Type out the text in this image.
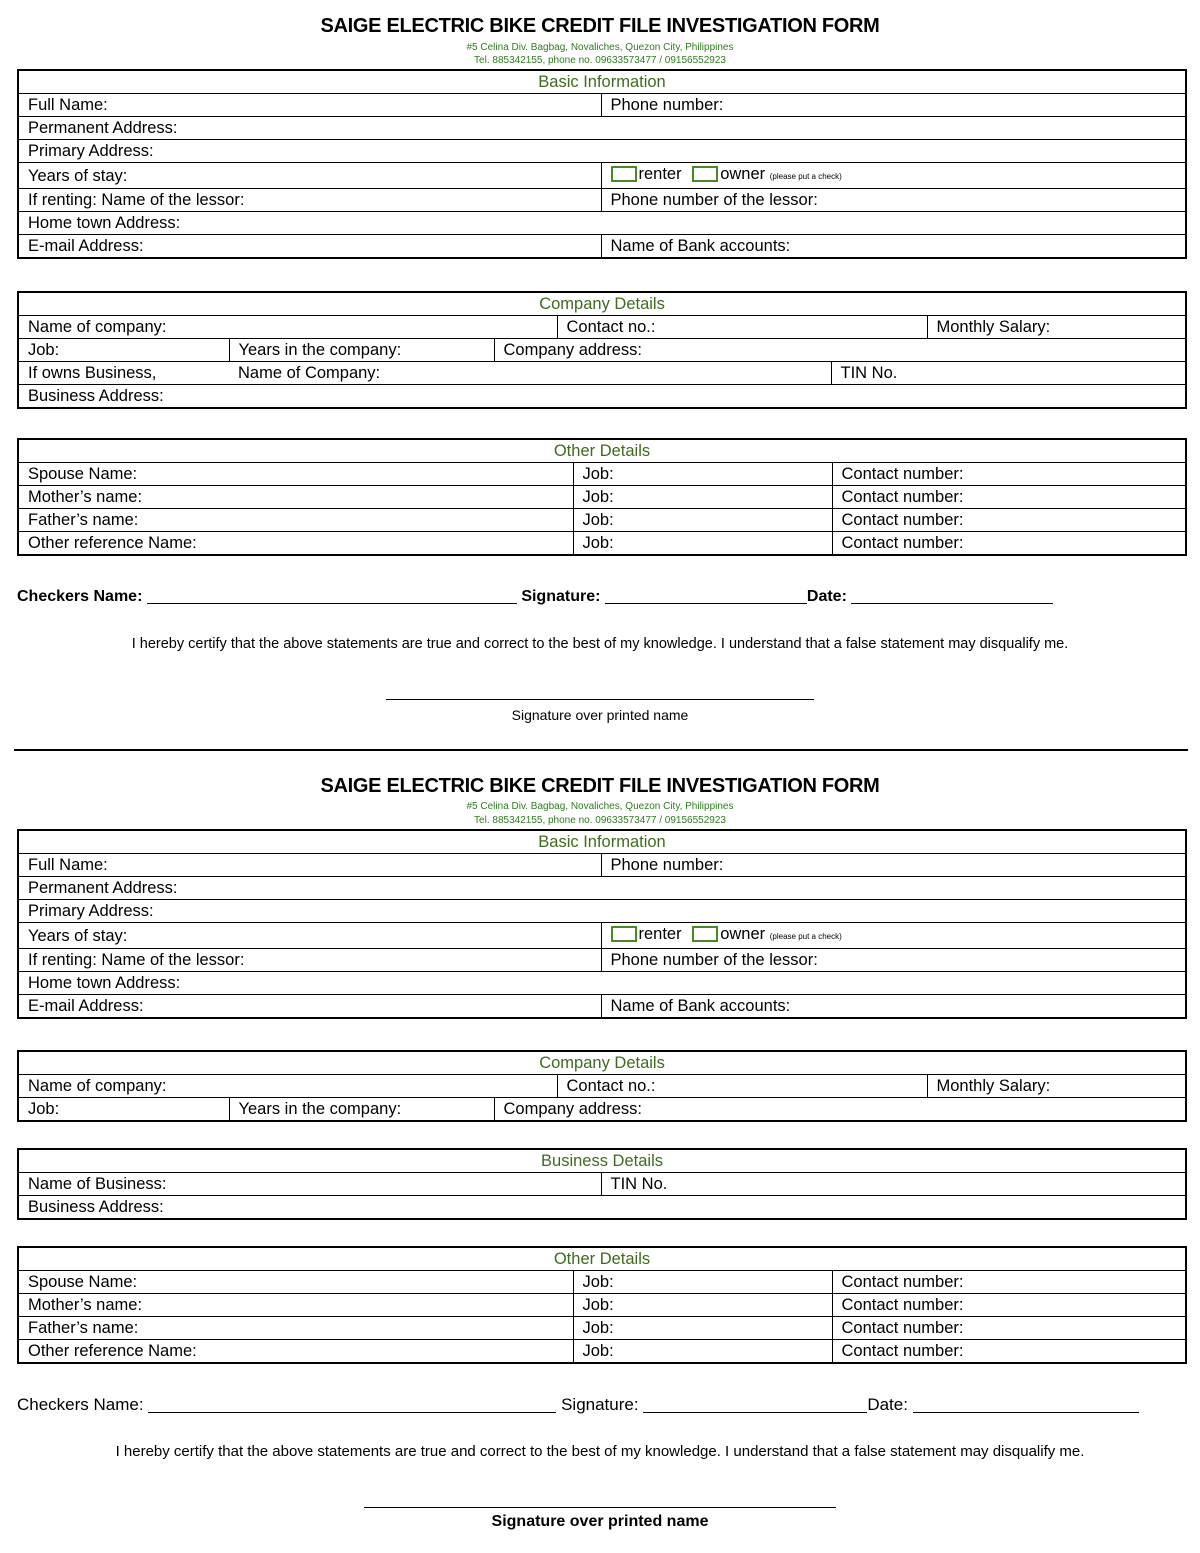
SAIGE ELECTRIC BIKE CREDIT FILE INVESTIGATION FORM
#5 Celina Div. Bagbag, Novaliches, Quezon City, Philippines
Tel. 885342155, phone no. 09633573477 / 09156552923
Basic Information	
Full Name:	Phone number:
Permanent Address:	
Primary Address:	
Years of stay:	renter owner (please put a check)
If renting: Name of the lessor:	Phone number of the lessor:
Home town Address:	
E-mail Address:	Name of Bank accounts:
Company Details					
Name of company:			Contact no.:		Monthly Salary:
Job:	Years in the company:	Company address:			
If owns Business,	Name of Company:			TIN No.	
Business Address:					
Other Details		
Spouse Name:	Job:	Contact number:
Mother’s name:	Job:	Contact number:
Father’s name:	Job:	Contact number:
Other reference Name:	Job:	Contact number:
Checkers Name:	Signature:	Date:
I hereby certify that the above statements are true and correct to the best of my knowledge. I understand that a false statement may disqualify me.
Signature over printed name
SAIGE ELECTRIC BIKE CREDIT FILE INVESTIGATION FORM
#5 Celina Div. Bagbag, Novaliches, Quezon City, Philippines
Tel. 885342155, phone no. 09633573477 / 09156552923
Basic Information	
Full Name:	Phone number:
Permanent Address:	
Primary Address:	
Years of stay:	renter owner (please put a check)
If renting: Name of the lessor:	Phone number of the lessor:
Home town Address:	
E-mail Address:	Name of Bank accounts:
Company Details				
Name of company:			Contact no.:	Monthly Salary:
Job:	Years in the company:	Company address:		
Business Details
Name of Business:	TIN No.
Business Address:
Other Details		
Spouse Name:	Job:	Contact number:
Mother’s name:	Job:	Contact number:
Father’s name:	Job:	Contact number:
Other reference Name:	Job:	Contact number:
Checkers Name:	Signature:	Date:
I hereby certify that the above statements are true and correct to the best of my knowledge. I understand that a false statement may disqualify me.
Signature over printed name
